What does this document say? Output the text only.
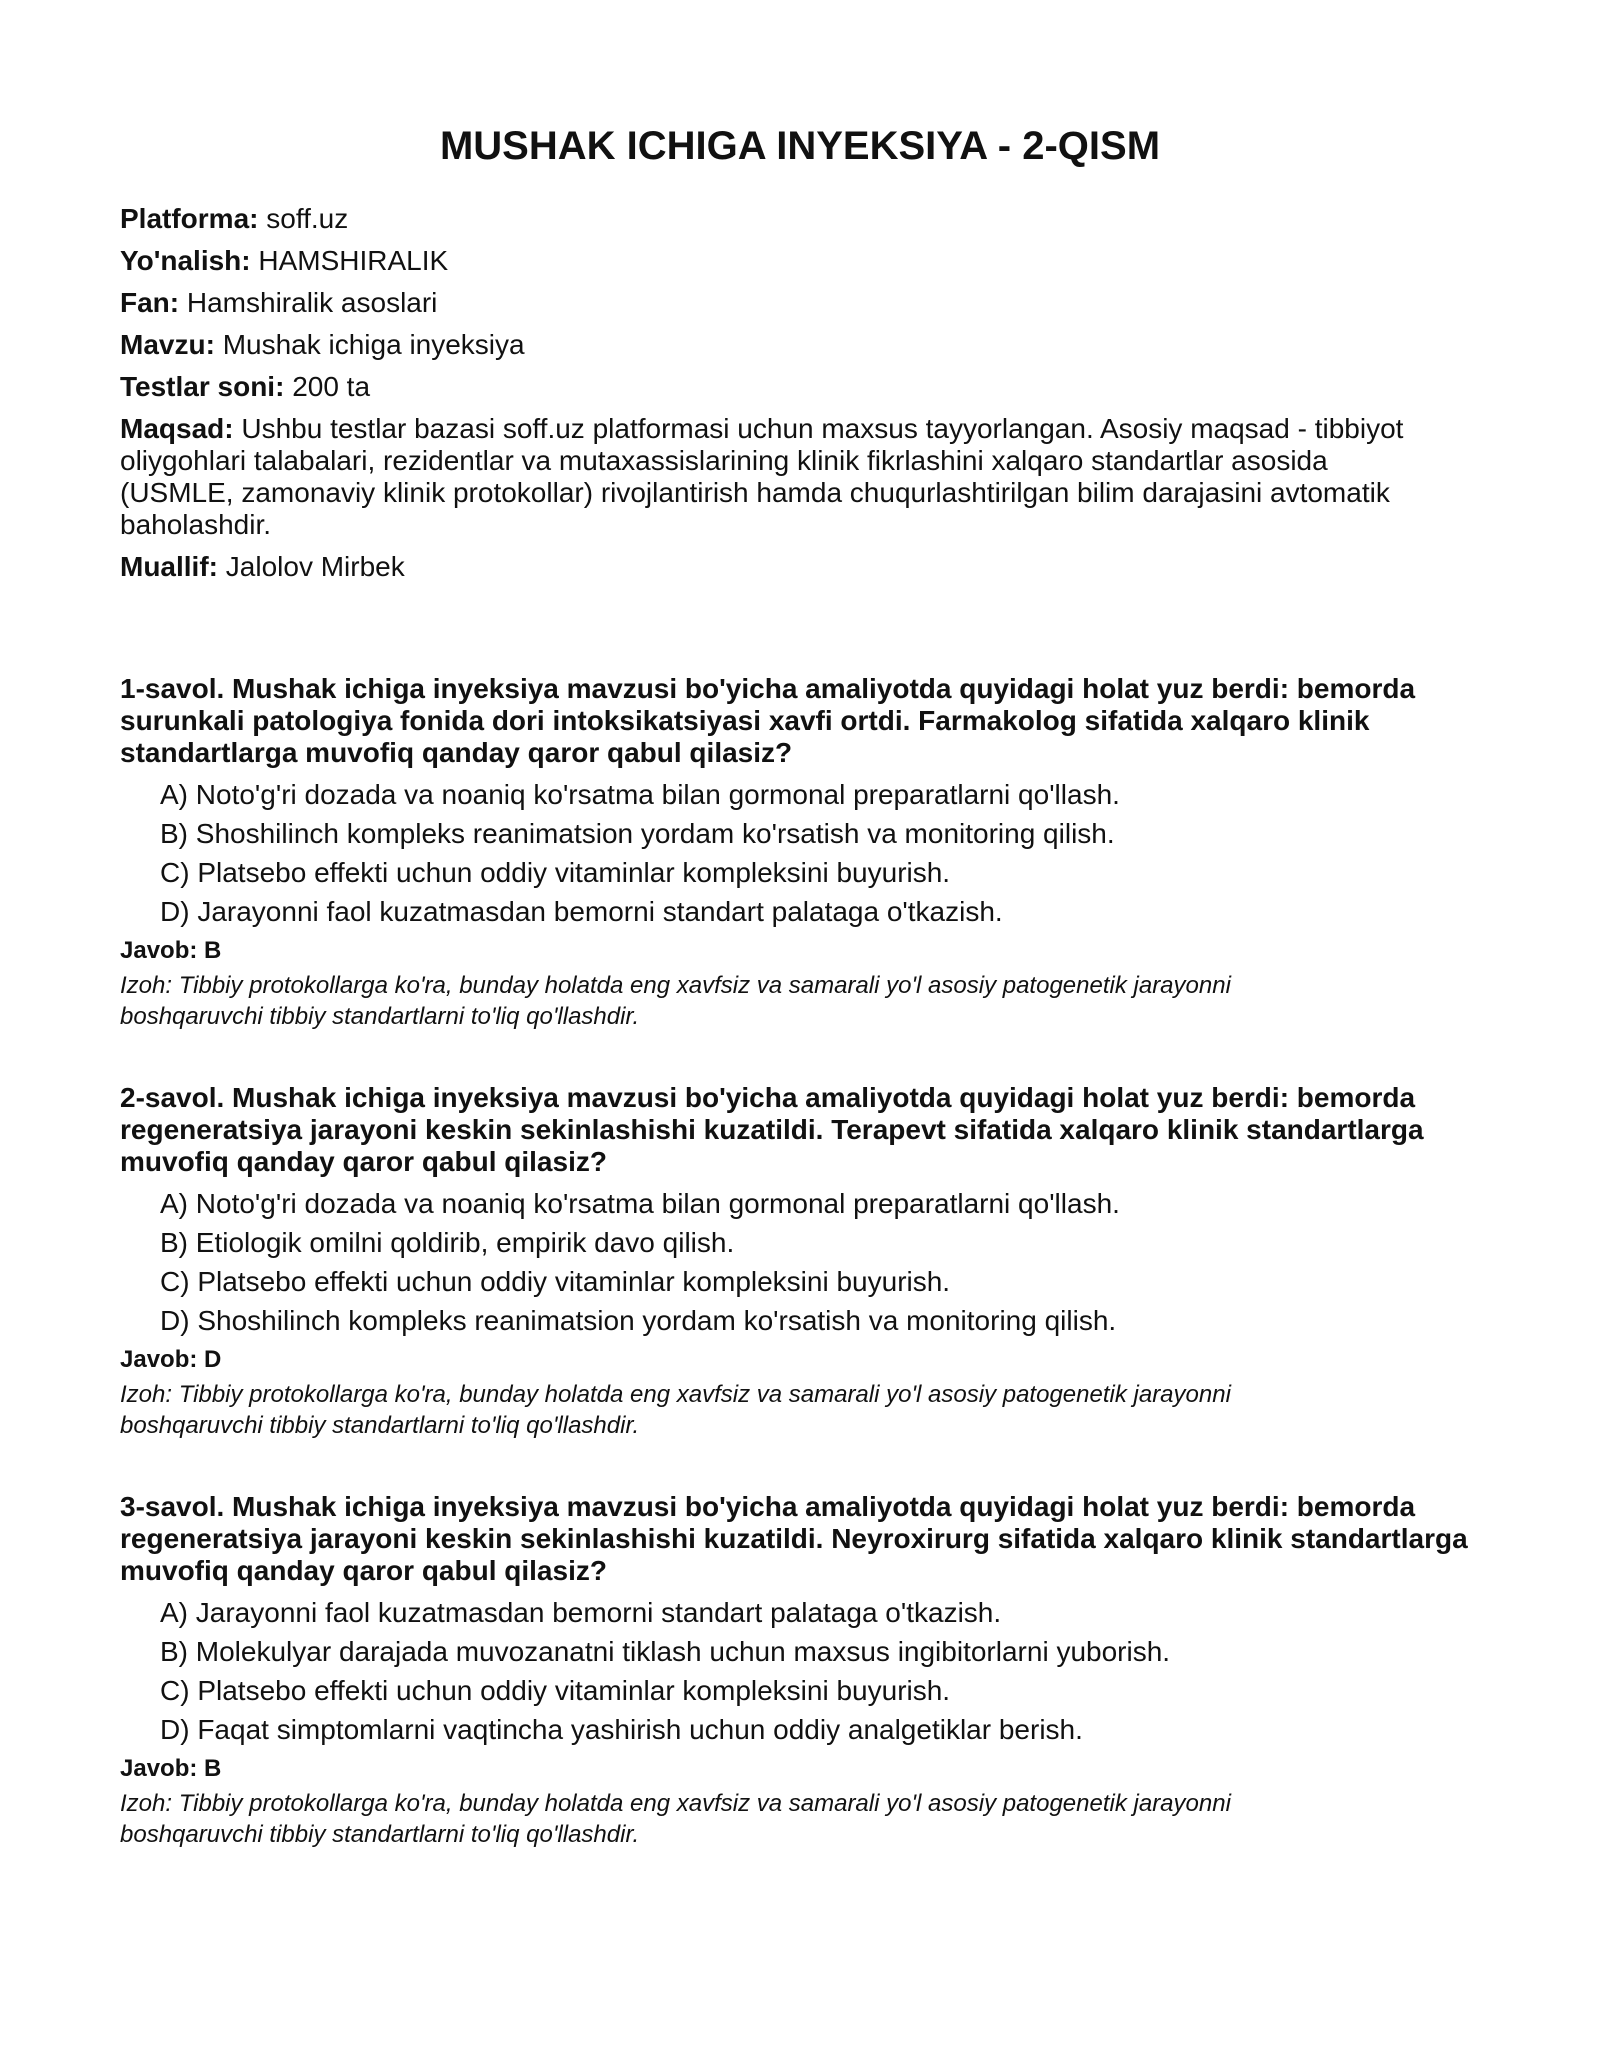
MUSHAK ICHIGA INYEKSIYA - 2-QISM
Platforma: soff.uz
Yo'nalish: HAMSHIRALIK
Fan: Hamshiralik asoslari
Mavzu: Mushak ichiga inyeksiya
Testlar soni: 200 ta
Maqsad: Ushbu testlar bazasi soff.uz platformasi uchun maxsus tayyorlangan. Asosiy maqsad - tibbiyot oliygohlari talabalari, rezidentlar va mutaxassislarining klinik fikrlashini xalqaro standartlar asosida (USMLE, zamonaviy klinik protokollar) rivojlantirish hamda chuqurlashtirilgan bilim darajasini avtomatik baholashdir.
Muallif: Jalolov Mirbek

1-savol. Mushak ichiga inyeksiya mavzusi bo'yicha amaliyotda quyidagi holat yuz berdi: bemorda surunkali patologiya fonida dori intoksikatsiyasi xavfi ortdi. Farmakolog sifatida xalqaro klinik standartlarga muvofiq qanday qaror qabul qilasiz?

A) Noto'g'ri dozada va noaniq ko'rsatma bilan gormonal preparatlarni qo'llash.
B) Shoshilinch kompleks reanimatsion yordam ko'rsatish va monitoring qilish.
C) Platsebo effekti uchun oddiy vitaminlar kompleksini buyurish.
D) Jarayonni faol kuzatmasdan bemorni standart palataga o'tkazish.
Javob: B

Izoh: Tibbiy protokollarga ko'ra, bunday holatda eng xavfsiz va samarali yo'l asosiy patogenetik jarayonni boshqaruvchi tibbiy standartlarni to'liq qo'llashdir.

2-savol. Mushak ichiga inyeksiya mavzusi bo'yicha amaliyotda quyidagi holat yuz berdi: bemorda regeneratsiya jarayoni keskin sekinlashishi kuzatildi. Terapevt sifatida xalqaro klinik standartlarga muvofiq qanday qaror qabul qilasiz?

A) Noto'g'ri dozada va noaniq ko'rsatma bilan gormonal preparatlarni qo'llash.
B) Etiologik omilni qoldirib, empirik davo qilish.
C) Platsebo effekti uchun oddiy vitaminlar kompleksini buyurish.
D) Shoshilinch kompleks reanimatsion yordam ko'rsatish va monitoring qilish.
Javob: D

Izoh: Tibbiy protokollarga ko'ra, bunday holatda eng xavfsiz va samarali yo'l asosiy patogenetik jarayonni boshqaruvchi tibbiy standartlarni to'liq qo'llashdir.

3-savol. Mushak ichiga inyeksiya mavzusi bo'yicha amaliyotda quyidagi holat yuz berdi: bemorda regeneratsiya jarayoni keskin sekinlashishi kuzatildi. Neyroxirurg sifatida xalqaro klinik standartlarga muvofiq qanday qaror qabul qilasiz?

A) Jarayonni faol kuzatmasdan bemorni standart palataga o'tkazish.
B) Molekulyar darajada muvozanatni tiklash uchun maxsus ingibitorlarni yuborish.
C) Platsebo effekti uchun oddiy vitaminlar kompleksini buyurish.
D) Faqat simptomlarni vaqtincha yashirish uchun oddiy analgetiklar berish.
Javob: B

Izoh: Tibbiy protokollarga ko'ra, bunday holatda eng xavfsiz va samarali yo'l asosiy patogenetik jarayonni boshqaruvchi tibbiy standartlarni to'liq qo'llashdir.
